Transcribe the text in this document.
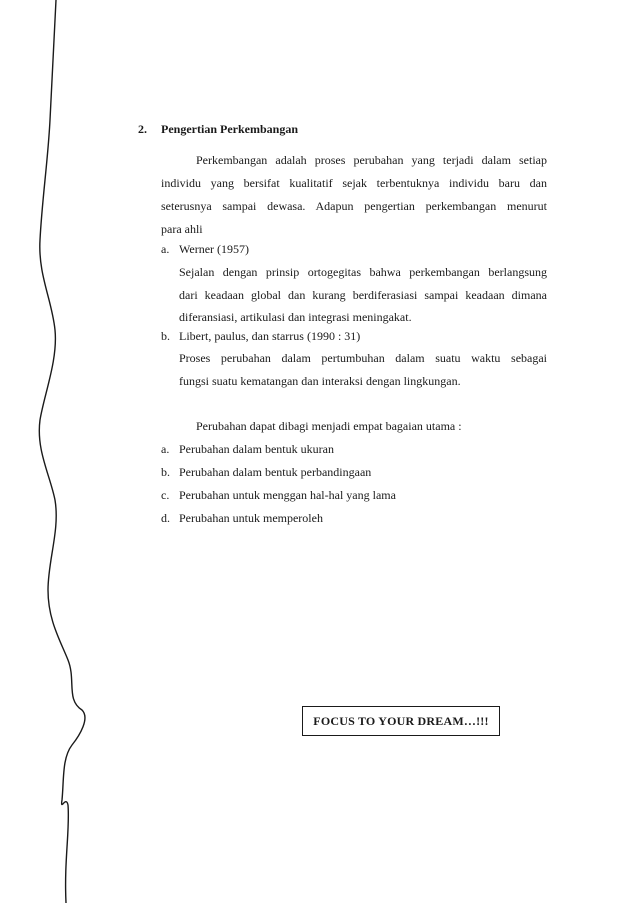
2. Pengertian Perkembangan
Perkembangan adalah proses perubahan yang terjadi dalam setiap
individu yang bersifat kualitatif sejak terbentuknya individu baru dan
seterusnya sampai dewasa. Adapun pengertian perkembangan menurut
para ahli
a. Werner (1957)
Sejalan dengan prinsip ortogegitas bahwa perkembangan berlangsung
dari keadaan global dan kurang berdiferasiasi sampai keadaan dimana
diferansiasi, artikulasi dan integrasi meningakat.
b. Libert, paulus, dan starrus (1990 : 31)
Proses perubahan dalam pertumbuhan dalam suatu waktu sebagai
fungsi suatu kematangan dan interaksi dengan lingkungan.
Perubahan dapat dibagi menjadi empat bagaian utama :
a. Perubahan dalam bentuk ukuran
b. Perubahan dalam bentuk perbandingaan
c. Perubahan untuk menggan hal-hal yang lama
d. Perubahan untuk memperoleh
FOCUS TO YOUR DREAM…!!!
